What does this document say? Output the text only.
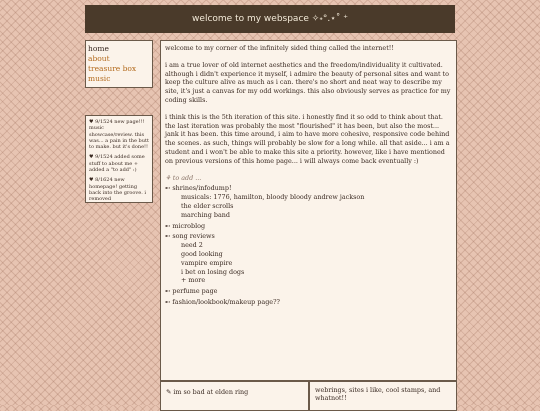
welcome to my webspace ✧˖°.⋆˚ ⁺
home
about
treasure box
music
♥ 9/1524 new page!!! music showcase/review. this was... a pain in the butt to make. but it's done!!
♥ 9/1524 added some stuff to about me + added a "to add" :)
♥ 8/1624 new homepage! getting back into the groove. i removed

welcome to my corner of the infinitely sided thing called the internet!!

i am a true lover of old internet aesthetics and the freedom/individuality it cultivated. although i didn't experience it myself, i admire the beauty of personal sites and want to keep the culture alive as much as i can. there's no short and neat way to describe my site, it's just a canvas for my odd workings. this also obviously serves as practice for my coding skills.

i think this is the 5th iteration of this site. i honestly find it so odd to think about that. the last iteration was probably the most "flourished" it has been, but also the most... jank it has been. this time around, i aim to have more cohesive, responsive code behind the scenes. as such, things will probably be slow for a long while. all that aside... i am a student and i won't be able to make this site a priority. however, like i have mentioned on previous versions of this home page... i will always come back eventually :)

⚘ to add ...
➸ shrines/infodump!
musicals: 1776, hamilton, bloody bloody andrew jackson
the elder scrolls
marching band
➸ microblog
➸ song reviews
need 2
good looking
vampire empire
i bet on losing dogs
+ more
➸ perfume page
➸ fashion/lookbook/makeup page??
✎ im so bad at elden ring	webrings, sites i like, cool stamps, and whatnot!!
